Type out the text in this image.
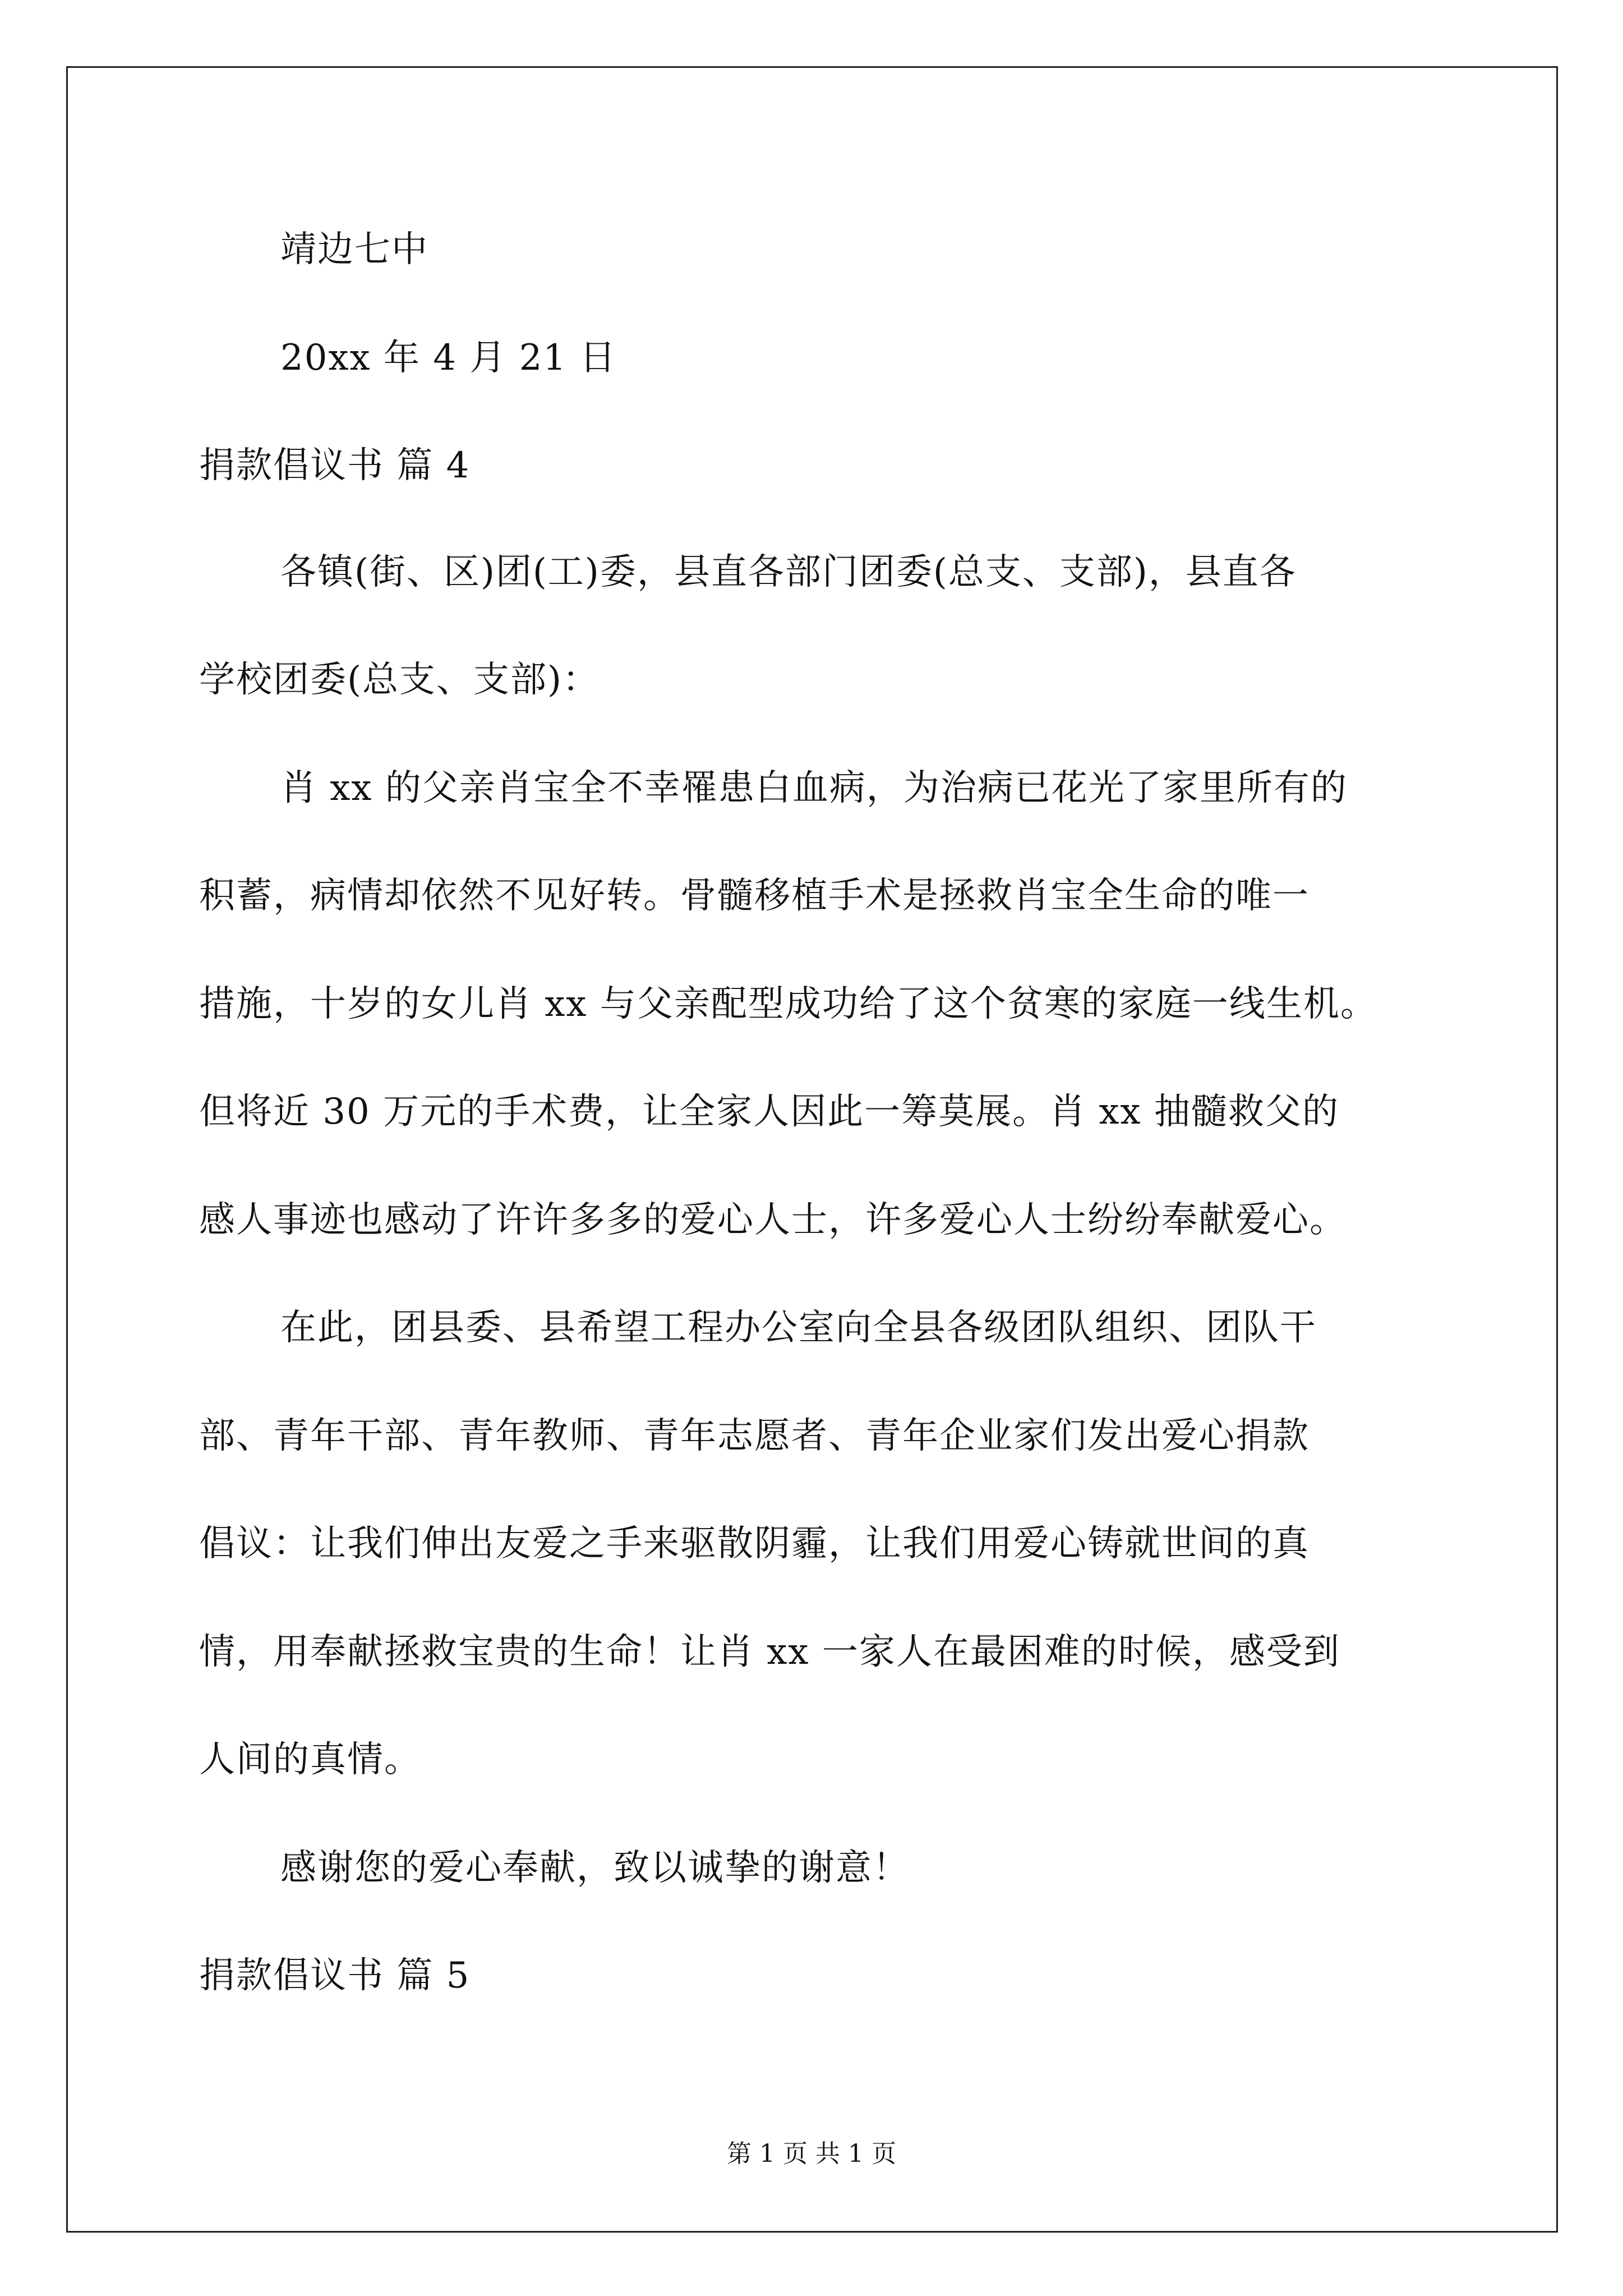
靖边七中
20xx 年 4 月 21 日
捐款倡议书 篇 4
各镇(街、区)团(工)委，县直各部门团委(总支、支部)，县直各
学校团委(总支、支部)：
肖 xx 的父亲肖宝全不幸罹患白血病，为治病已花光了家里所有的
积蓄，病情却依然不见好转。骨髓移植手术是拯救肖宝全生命的唯一
措施，十岁的女儿肖 xx 与父亲配型成功给了这个贫寒的家庭一线生机。
但将近 30 万元的手术费，让全家人因此一筹莫展。肖 xx 抽髓救父的
感人事迹也感动了许许多多的爱心人士，许多爱心人士纷纷奉献爱心。
在此，团县委、县希望工程办公室向全县各级团队组织、团队干
部、青年干部、青年教师、青年志愿者、青年企业家们发出爱心捐款
倡议：让我们伸出友爱之手来驱散阴霾，让我们用爱心铸就世间的真
情，用奉献拯救宝贵的生命！让肖 xx 一家人在最困难的时候，感受到
人间的真情。
感谢您的爱心奉献，致以诚挚的谢意！
捐款倡议书 篇 5
第 1 页 共 1 页
